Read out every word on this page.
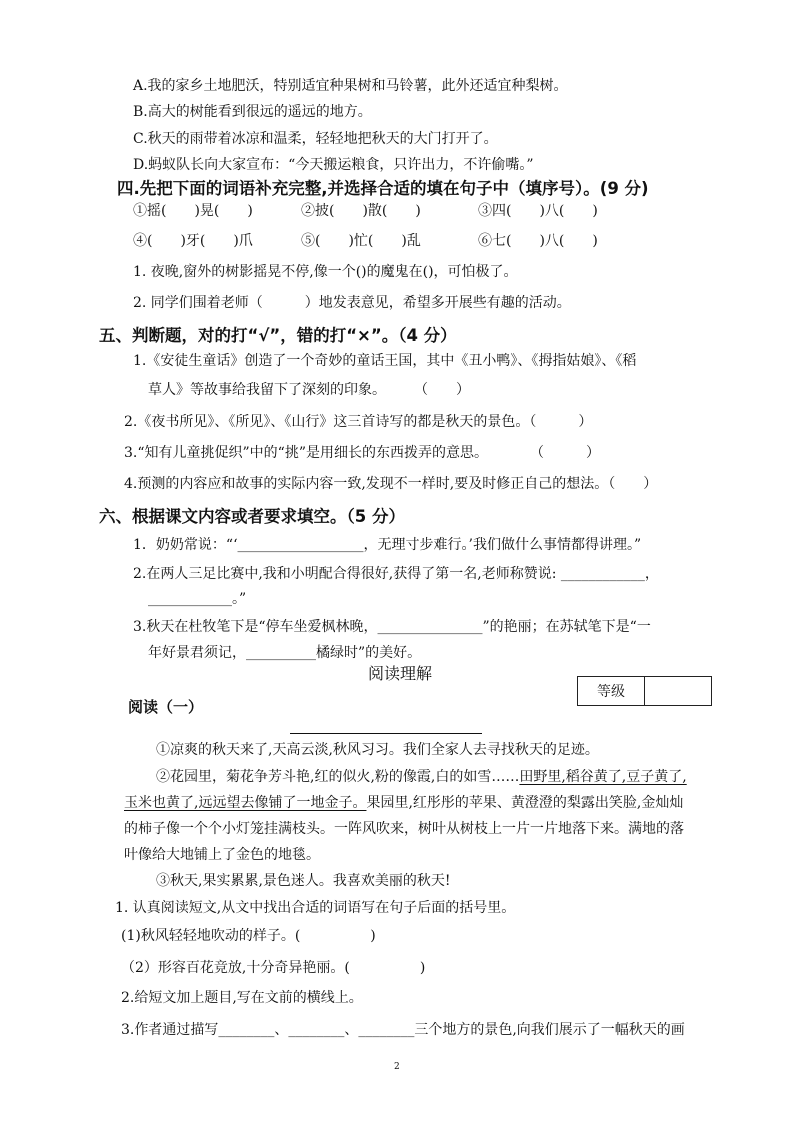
A.我的家乡土地肥沃，特别适宜种果树和马铃薯，此外还适宜种梨树。
B.高大的树能看到很远的遥远的地方。
C.秋天的雨带着冰凉和温柔，轻轻地把秋天的大门打开了。
D.蚂蚁队长向大家宣布：“今天搬运粮食，只许出力，不许偷嘴。”
四.先把下面的词语补充完整,并选择合适的填在句子中（填序号）。(9 分)
①摇(　　)晃(　　)	②披(　　)散(　　)	③四(　　)八(　　)
④(　　)牙(　　)爪	⑤(　　)忙(　　)乱	⑥七(　　)八(　　)
1. 夜晚,窗外的树影摇晃不停,像一个()的魔鬼在()，可怕极了。
2. 同学们围着老师（　　　）地发表意见，希望多开展些有趣的活动。
五、判断题，对的打“√”，错的打“×”。（4 分）
1.《安徒生童话》创造了一个奇妙的童话王国，其中《丑小鸭》、《拇指姑娘》、《稻
草人》等故事给我留下了深刻的印象。　　　（　　）
2.《夜书所见》、《所见》、《山行》这三首诗写的都是秋天的景色。（　　　）
3.“知有儿童挑促织”中的“挑”是用细长的东西拨弄的意思。　　　　（　　　）
4.预测的内容应和故事的实际内容一致,发现不一样时,要及时修正自己的想法。（　　）
六、根据课文内容或者要求填空。（5 分）
1．奶奶常说：“‘__________________，无理寸步难行。’我们做什么事情都得讲理。”
2.在两人三足比赛中,我和小明配合得很好,获得了第一名,老师称赞说: ____________，
____________。”
3.秋天在杜牧笔下是“停车坐爱枫林晚，_______________”的艳丽；在苏轼笔下是“一
年好景君须记，__________橘绿时”的美好。
阅读理解
等级	
阅读（一）
①凉爽的秋天来了,天高云淡,秋风习习。我们全家人去寻找秋天的足迹。
②花园里，菊花争芳斗艳,红的似火,粉的像霞,白的如雪……田野里,稻谷黄了,豆子黄了,
玉米也黄了,远远望去像铺了一地金子。果园里,红彤彤的苹果、黄澄澄的梨露出笑脸,金灿灿
的柿子像一个个小灯笼挂满枝头。一阵风吹来，树叶从树枝上一片一片地落下来。满地的落
叶像给大地铺上了金色的地毯。
③秋天,果实累累,景色迷人。我喜欢美丽的秋天!
1. 认真阅读短文,从文中找出合适的词语写在句子后面的括号里。
(1)秋风轻轻地吹动的样子。(　　　　　)
（2）形容百花竞放,十分奇异艳丽。(　　　　　)
2.给短文加上题目,写在文前的横线上。
3.作者通过描写________、________、________三个地方的景色,向我们展示了一幅秋天的画
2
